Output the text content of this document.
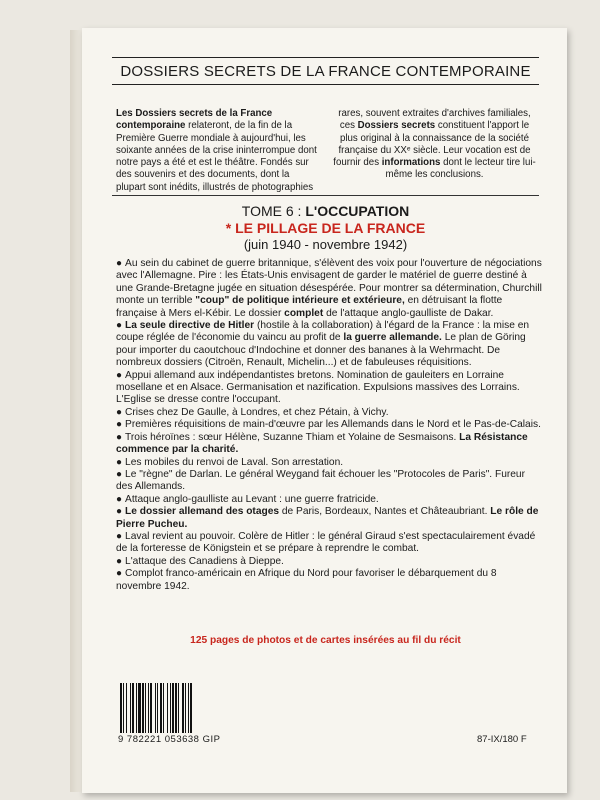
DOSSIERS SECRETS DE LA FRANCE CONTEMPORAINE
Les Dossiers secrets de la France contemporaine relateront, de la fin de la Première Guerre mondiale à aujourd'hui, les soixante années de la crise ininterrompue dont notre pays a été et est le théâtre. Fondés sur des souvenirs et des documents, dont la plupart sont inédits, illustrés de photographies
rares, souvent extraites d'archives familiales, ces Dossiers secrets constituent l'apport le plus original à la connaissance de la société française du XXᵉ siècle. Leur vocation est de fournir des informations dont le lecteur tire lui-même les conclusions.
TOME 6 : L'OCCUPATION
* LE PILLAGE DE LA FRANCE
(juin 1940 - novembre 1942)
● Au sein du cabinet de guerre britannique, s'élèvent des voix pour l'ouverture de négociations avec l'Allemagne. Pire : les États-Unis envisagent de garder le matériel de guerre destiné à une Grande-Bretagne jugée en situation désespérée. Pour montrer sa détermination, Churchill monte un terrible "coup" de politique intérieure et extérieure, en détruisant la flotte française à Mers el-Kébir. Le dossier complet de l'attaque anglo-gaulliste de Dakar.
● La seule directive de Hitler (hostile à la collaboration) à l'égard de la France : la mise en coupe réglée de l'économie du vaincu au profit de la guerre allemande. Le plan de Göring pour importer du caoutchouc d'Indochine et donner des bananes à la Wehrmacht. De nombreux dossiers (Citroën, Renault, Michelin...) et de fabuleuses réquisitions.
● Appui allemand aux indépendantistes bretons. Nomination de gauleiters en Lorraine mosellane et en Alsace. Germanisation et nazification. Expulsions massives des Lorrains. L'Eglise se dresse contre l'occupant.
● Crises chez De Gaulle, à Londres, et chez Pétain, à Vichy.
● Premières réquisitions de main-d'œuvre par les Allemands dans le Nord et le Pas-de-Calais.
● Trois héroïnes : sœur Hélène, Suzanne Thiam et Yolaine de Sesmaisons. La Résistance commence par la charité.
● Les mobiles du renvoi de Laval. Son arrestation.
● Le "règne" de Darlan. Le général Weygand fait échouer les "Protocoles de Paris". Fureur des Allemands.
● Attaque anglo-gaulliste au Levant : une guerre fratricide.
● Le dossier allemand des otages de Paris, Bordeaux, Nantes et Châteaubriant. Le rôle de Pierre Pucheu.
● Laval revient au pouvoir. Colère de Hitler : le général Giraud s'est spectaculairement évadé de la forteresse de Königstein et se prépare à reprendre le combat.
● L'attaque des Canadiens à Dieppe.
● Complot franco-américain en Afrique du Nord pour favoriser le débarquement du 8 novembre 1942.
125 pages de photos et de cartes insérées au fil du récit
9 782221 053638 GIP	87-IX/180 F
